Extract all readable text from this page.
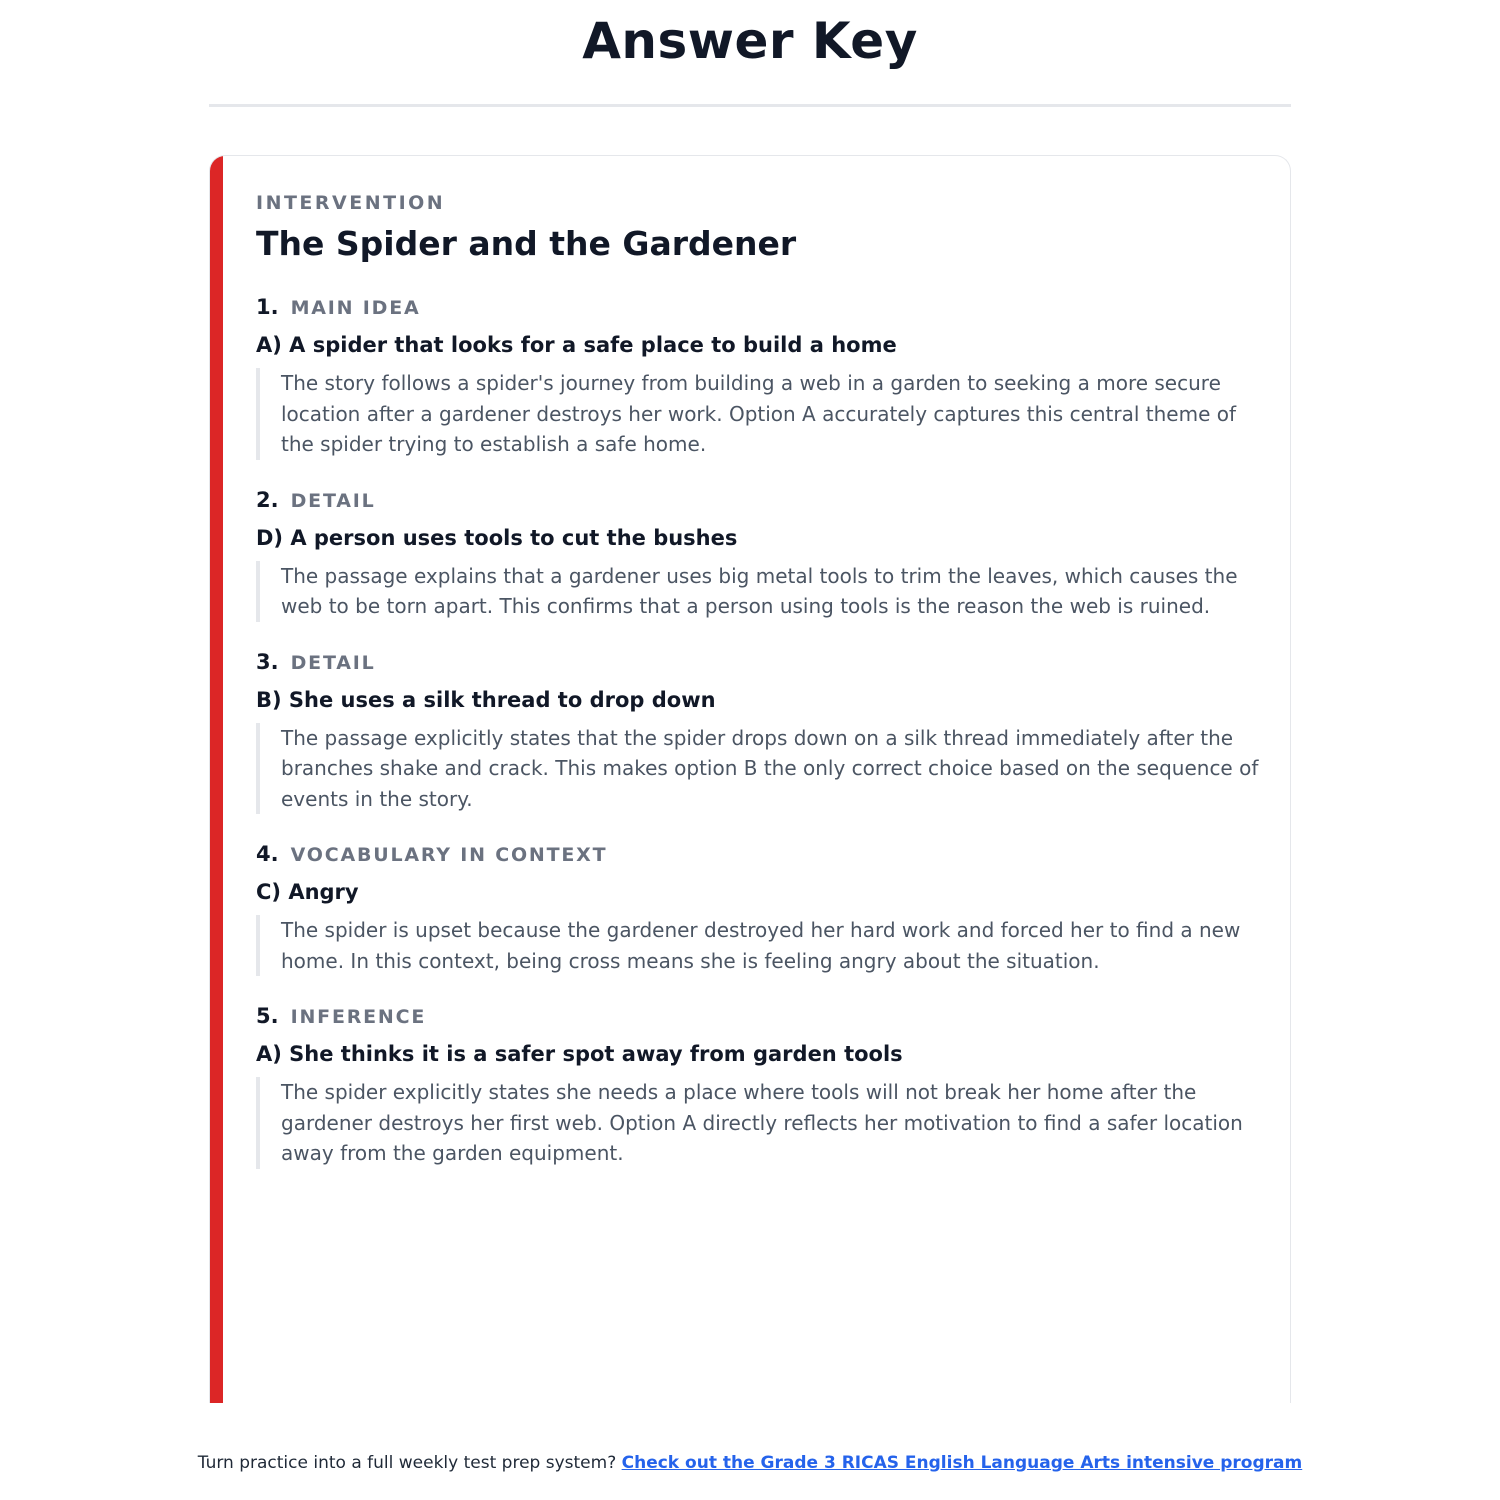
Answer Key
INTERVENTION
The Spider and the Gardener
1. MAIN IDEA
A) A spider that looks for a safe place to build a home
The story follows a spider's journey from building a web in a garden to seeking a more secure location after a gardener destroys her work. Option A accurately captures this central theme of the spider trying to establish a safe home.
2. DETAIL
D) A person uses tools to cut the bushes
The passage explains that a gardener uses big metal tools to trim the leaves, which causes the web to be torn apart. This confirms that a person using tools is the reason the web is ruined.
3. DETAIL
B) She uses a silk thread to drop down
The passage explicitly states that the spider drops down on a silk thread immediately after the branches shake and crack. This makes option B the only correct choice based on the sequence of events in the story.
4. VOCABULARY IN CONTEXT
C) Angry
The spider is upset because the gardener destroyed her hard work and forced her to find a new home. In this context, being cross means she is feeling angry about the situation.
5. INFERENCE
A) She thinks it is a safer spot away from garden tools
The spider explicitly states she needs a place where tools will not break her home after the gardener destroys her first web. Option A directly reflects her motivation to find a safer location away from the garden equipment.
Turn practice into a full weekly test prep system? Check out the Grade 3 RICAS English Language Arts intensive program
